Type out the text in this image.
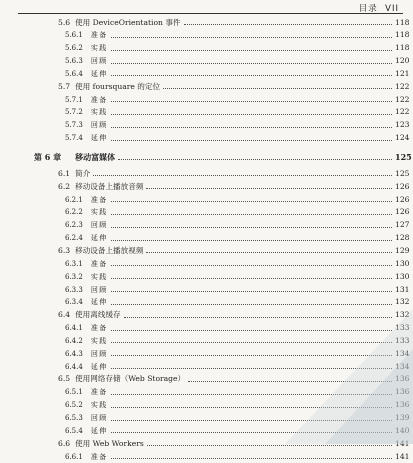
目录 VII
5.6 使用 DeviceOrientation 事件	118
5.6.1 准备	118
5.6.2 实践	118
5.6.3 回顾	120
5.6.4 延伸	121
5.7 使用 foursquare 的定位	122
5.7.1 准备	122
5.7.2 实践	122
5.7.3 回顾	123
5.7.4 延伸	124
第 6 章 移动富媒体	125
6.1 简介	125
6.2 移动设备上播放音频	126
6.2.1 准备	126
6.2.2 实践	126
6.2.3 回顾	127
6.2.4 延伸	128
6.3 移动设备上播放视频	129
6.3.1 准备	130
6.3.2 实践	130
6.3.3 回顾	131
6.3.4 延伸	132
6.4 使用离线缓存	132
6.4.1 准备	133
6.4.2 实践	133
6.4.3 回顾	134
6.4.4 延伸	134
6.5 使用网络存储（Web Storage）	136
6.5.1 准备	136
6.5.2 实践	136
6.5.3 回顾	139
6.5.4 延伸	140
6.6 使用 Web Workers	141
6.6.1 准备	141
